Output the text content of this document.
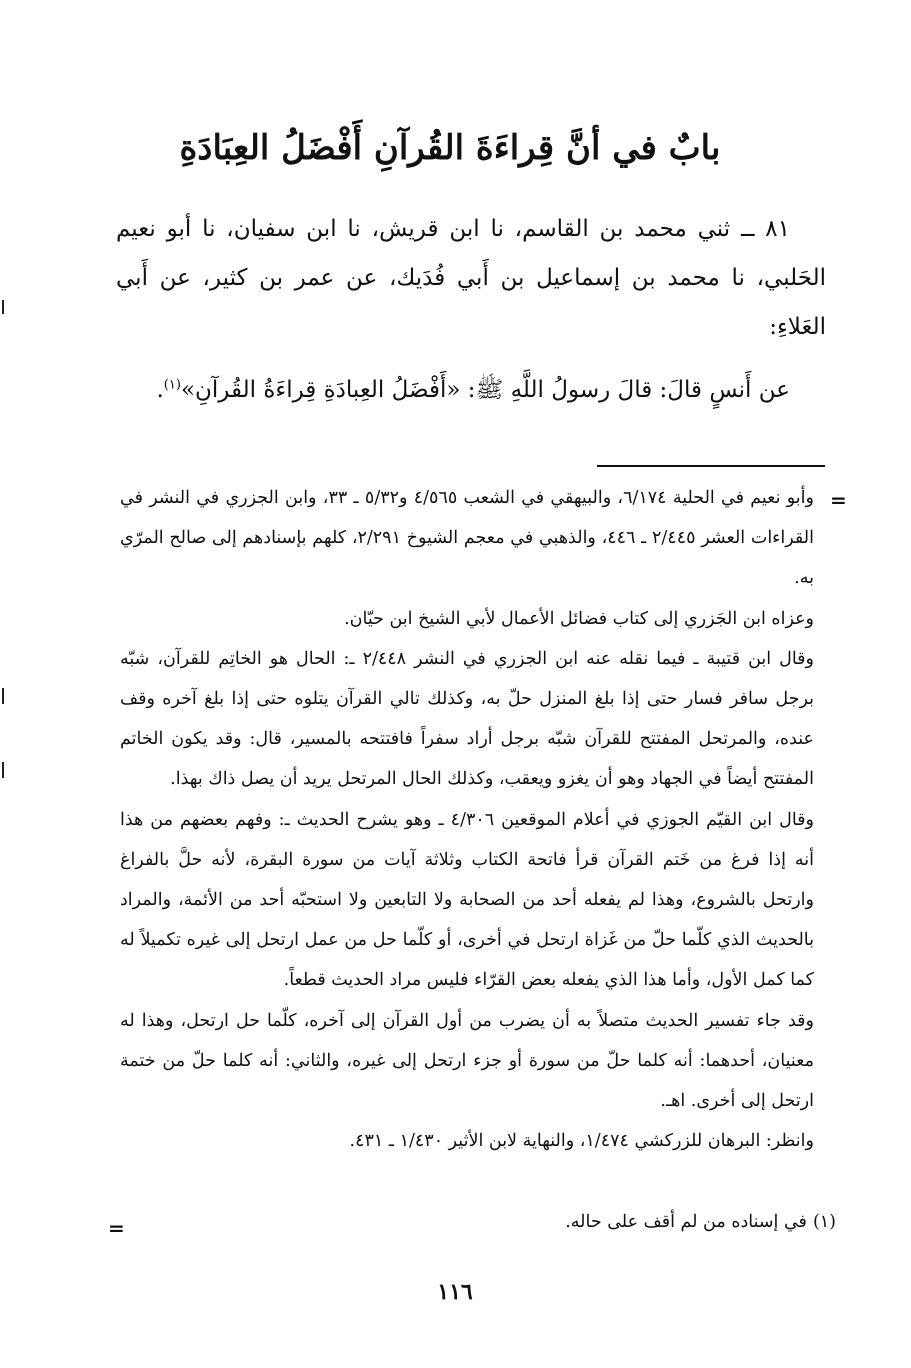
بابٌ في أنَّ قِراءَةَ القُرآنِ أَفْضَلُ العِبَادَةِ

٨١ ــ ثني محمد بن القاسم، نا ابن قريش، نا ابن سفيان، نا أبو نعيم الحَلبي، نا محمد بن إسماعيل بن أَبي فُدَيك، عن عمر بن كثير، عن أَبي العَلاءِ:

عن أَنسٍ قالَ: قالَ رسولُ اللَّهِ ﷺ: «أَفْضَلُ العِبادَةِ قِراءَةُ القُرآنِ»$^{(١)}$.

=

وأبو نعيم في الحلية ٦/١٧٤، والبيهقي في الشعب ٤/٥٦٥ و٥/٣٢ ـ ٣٣، وابن الجزري في النشر في القراءات العشر ٢/٤٤٥ ـ ٤٤٦، والذهبي في معجم الشيوخ ٢/٢٩١، كلهم بإسنادهم إلى صالح المرّي به.

وعزاه ابن الجَزري إلى كتاب فضائل الأعمال لأبي الشيخ ابن حيّان.

وقال ابن قتيبة ـ فيما نقله عنه ابن الجزري في النشر ٢/٤٤٨ ـ: الحال هو الخاتِم للقرآن، شبّه برجل سافر فسار حتى إذا بلغ المنزل حلّ به، وكذلك تالي القرآن يتلوه حتى إذا بلغ آخره وقف عنده، والمرتحل المفتتح للقرآن شبّه برجل أراد سفراً فافتتحه بالمسير، قال: وقد يكون الخاتم المفتتح أيضاً في الجهاد وهو أن يغزو ويعقب، وكذلك الحال المرتحل يريد أن يصل ذاك بهذا.

وقال ابن القيّم الجوزي في أعلام الموقعين ٤/٣٠٦ ـ وهو يشرح الحديث ـ: وفهم بعضهم من هذا أنه إذا فرغ من خَتم القرآن قرأ فاتحة الكتاب وثلاثة آيات من سورة البقرة، لأنه حلَّ بالفراغ وارتحل بالشروع، وهذا لم يفعله أحد من الصحابة ولا التابعين ولا استحبّه أحد من الأئمة، والمراد بالحديث الذي كلّما حلّ من غَزاة ارتحل في أخرى، أو كلّما حل من عمل ارتحل إلى غيره تكميلاً له كما كمل الأول، وأما هذا الذي يفعله بعض القرّاء فليس مراد الحديث قطعاً.

وقد جاء تفسير الحديث متصلاً به أن يضرب من أول القرآن إلى آخره، كلّما حل ارتحل، وهذا له معنيان، أحدهما: أنه كلما حلّ من سورة أو جزء ارتحل إلى غيره، والثاني: أنه كلما حلّ من ختمة ارتحل إلى أخرى. اهـ.

وانظر: البرهان للزركشي ١/٤٧٤، والنهاية لابن الأثير ١/٤٣٠ ـ ٤٣١.

(١)في إسناده من لم أقف على حاله.
=
١١٦
